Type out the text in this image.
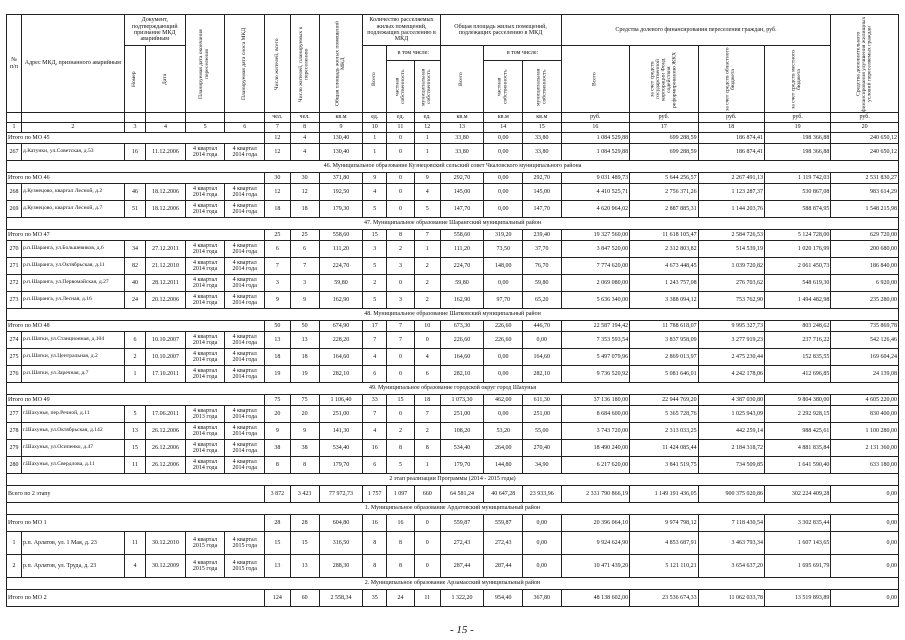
№ п/п	Адрес МКД, признанного аварийным	Документ, подтверждающий признание МКД аварийным		Планируемая дата окончания переселения	Планируемая дата сноса МКД	Число жителей, всего	Число жителей, планируемых к переселению	Общая площадь жилых помещений МКД	Количество расселяемых жилых помещений, подлежащих расселению в МКД			Общая площадь жилых помещений, подлежащих расселению в МКД			Средства долевого финансирования переселения граждан, руб.				Средства дополнительного финансирования улучшения жилищных условий переселяемых граждан
		Номер	Дата						Всего	в том числе:		Всего	в том числе:		Всего	за счет средств государственной корпорации Фонд содействия реформированию ЖКХ	за счет средств областного бюджета	за счет средств местного бюджета	
										частная собственность	муниципальная собственность		частная собственность	муниципальная собственность					
						чел.	чел.	кв.м	ед.	ед.	ед.	кв.м	кв.м	кв.м	руб.	руб.	руб.	руб.	руб.
1	2	3	4	5	6	7	8	9	10	11	12	13	14	15	16	17	18	19	20
Итого по МО 45						12	4	130,40	1	0	1	33,80	0,00	33,80	1 084 529,88	699 288,59	186 874,41	198 366,88	240 650,12
267	д.Катунки, ул.Советская, д.53	16	11.12.2006	4 квартал 2014 года	4 квартал 2014 года	12	4	130,40	1	0	1	33,80	0,00	33,80	1 084 529,88	699 288,59	186 874,41	198 366,88	240 650,12
46. Муниципальное образование Кузнецовский сельский совет Чкаловского муниципального района																			
Итого по МО 46						30	30	371,80	9	0	9	292,70	0,00	292,70	9 031 489,73	5 644 256,57	2 267 491,13	1 119 742,03	2 531 830,27
268	д.Кузнецово, квартал Лесной, д.2	46	18.12.2006	4 квартал 2014 года	4 квартал 2014 года	12	12	192,50	4	0	4	145,00	0,00	145,00	4 410 525,71	2 756 371,26	1 123 287,37	530 867,08	983 614,29
269	д.Кузнецово, квартал Лесной, д.7	51	18.12.2006	4 квартал 2014 года	4 квартал 2014 года	18	18	179,30	5	0	5	147,70	0,00	147,70	4 620 964,02	2 887 885,31	1 144 203,76	588 874,95	1 548 215,98
47. Муниципальное образование Шарангский муниципальный район																			
Итого по МО 47						25	25	558,60	15	8	7	558,60	319,20	239,40	19 327 560,00	11 618 105,47	2 584 726,53	5 124 728,00	629 720,00
270	р.п.Шаранга, ул.Большевиков, д.6	34	27.12.2011	4 квартал 2014 года	4 квартал 2014 года	6	6	111,20	3	2	1	111,20	73,50	37,70	3 847 520,00	2 312 803,82	514 539,19	1 020 176,99	200 680,00
271	р.п.Шаранга, ул.Октябрьская, д.11	82	21.12.2010	4 квартал 2014 года	4 квартал 2014 года	7	7	224,70	5	3	2	224,70	148,00	76,70	7 774 620,00	4 673 448,45	1 039 720,82	2 061 450,73	186 840,00
272	р.п.Шаранга, ул.Первомайская, д.27	40	28.12.2011	4 квартал 2014 года	4 квартал 2014 года	3	3	59,80	2	0	2	59,80	0,00	59,80	2 069 080,00	1 243 757,08	276 703,62	548 619,30	6 920,00
273	р.п.Шаранга, ул.Лесная, д.16	24	20.12.2006	4 квартал 2014 года	4 квартал 2014 года	9	9	162,90	5	3	2	162,90	97,70	65,20	5 636 340,00	3 388 094,12	753 762,90	1 494 482,98	235 280,00
48. Муниципальное образование Шатковский муниципальный район																			
Итого по МО 48						50	50	674,90	17	7	10	673,30	226,60	446,70	22 587 194,42	11 788 618,07	9 995 327,73	803 248,62	735 869,78
274	р.п.Шатки, ул.Станционная, д.104	6	10.10.2007	4 квартал 2014 года	4 квартал 2014 года	13	13	228,20	7	7	0	226,60	226,60	0,00	7 353 593,54	3 837 958,09	3 277 919,23	237 716,22	542 126,46
275	р.п.Шатки, ул.Центральная, д.2	2	10.10.2007	4 квартал 2014 года	4 квартал 2014 года	18	18	164,60	4	0	4	164,60	0,00	164,60	5 497 079,96	2 869 013,97	2 475 230,44	152 835,55	169 604,24
276	р.п.Шатки, ул.Заречная, д.7	1	17.10.2011	4 квартал 2014 года	4 квартал 2014 года	19	19	282,10	6	0	6	282,10	0,00	282,10	9 736 520,92	5 081 646,01	4 242 178,06	412 696,85	24 139,08
49. Муниципальное образование городской округ город Шахунья																			
Итого по МО 49						75	75	1 106,40	33	15	18	1 073,30	462,00	611,30	37 136 180,00	22 944 769,20	4 387 030,80	9 804 380,00	4 605 220,00
277	г.Шахунья, пер.Речной, д.11	5	17.06.2011	4 квартал 2013 года	4 квартал 2014 года	20	20	251,00	7	0	7	251,00	0,00	251,00	8 684 600,00	5 365 728,76	1 025 943,09	2 292 928,15	830 400,00
278	г.Шахунья, ул.Октябрьская, д.142	13	26.12.2006	4 квартал 2014 года	4 квартал 2014 года	9	9	141,30	4	2	2	108,20	53,20	55,00	3 743 720,00	2 313 033,25	442 259,14	988 425,61	1 100 280,00
279	г.Шахунья, ул.Осипенко, д.47	15	26.12.2006	4 квартал 2014 года	4 квартал 2014 года	38	38	534,40	16	8	8	534,40	264,00	270,40	18 490 240,00	11 424 085,44	2 184 318,72	4 881 835,84	2 131 360,00
280	г.Шахунья, ул.Свердлова, д.11	11	26.12.2006	4 квартал 2014 года	4 квартал 2014 года	8	8	179,70	6	5	1	179,70	144,80	34,90	6 217 620,00	3 841 519,75	734 509,85	1 641 590,40	633 180,00
2 этап реализации Программы (2014 - 2015 годы)																			
Всего по 2 этапу						3 872	3 423	77 972,73	1 757	1 097	660	64 581,24	40 647,28	23 933,96	2 331 790 866,19	1 149 191 436,05	900 375 020,86	302 224 409,28	0,00
1. Муниципальное образование Ардатовский муниципальный район																			
Итого по МО 1						28	28	604,80	16	16	0	559,87	559,87	0,00	20 396 064,10	9 974 798,12	7 118 430,54	3 302 835,44	0,00
1	р.п. Арлатов, ул. 1 Мая, д. 23	11	30.12.2010	4 квартал 2015 года	4 квартал 2015 года	15	15	316,50	8	8	0	272,43	272,43	0,00	9 924 624,90	4 853 687,91	3 463 793,34	1 607 143,65	0,00
2	р.п. Арлатов, ул. Труда, д. 23	4	30.12.2009	4 квартал 2015 года	4 квартал 2015 года	13	13	288,30	8	8	0	287,44	287,44	0,00	10 471 439,20	5 121 110,21	3 654 637,20	1 695 691,79	0,00
2. Муниципальное образование Арзамасский муниципальный район																			
Итого по МО 2						124	60	2 558,34	35	24	11	1 322,20	954,40	367,80	48 138 602,00	23 536 674,33	11 062 033,78	13 519 893,89	0,00
- 15 -
